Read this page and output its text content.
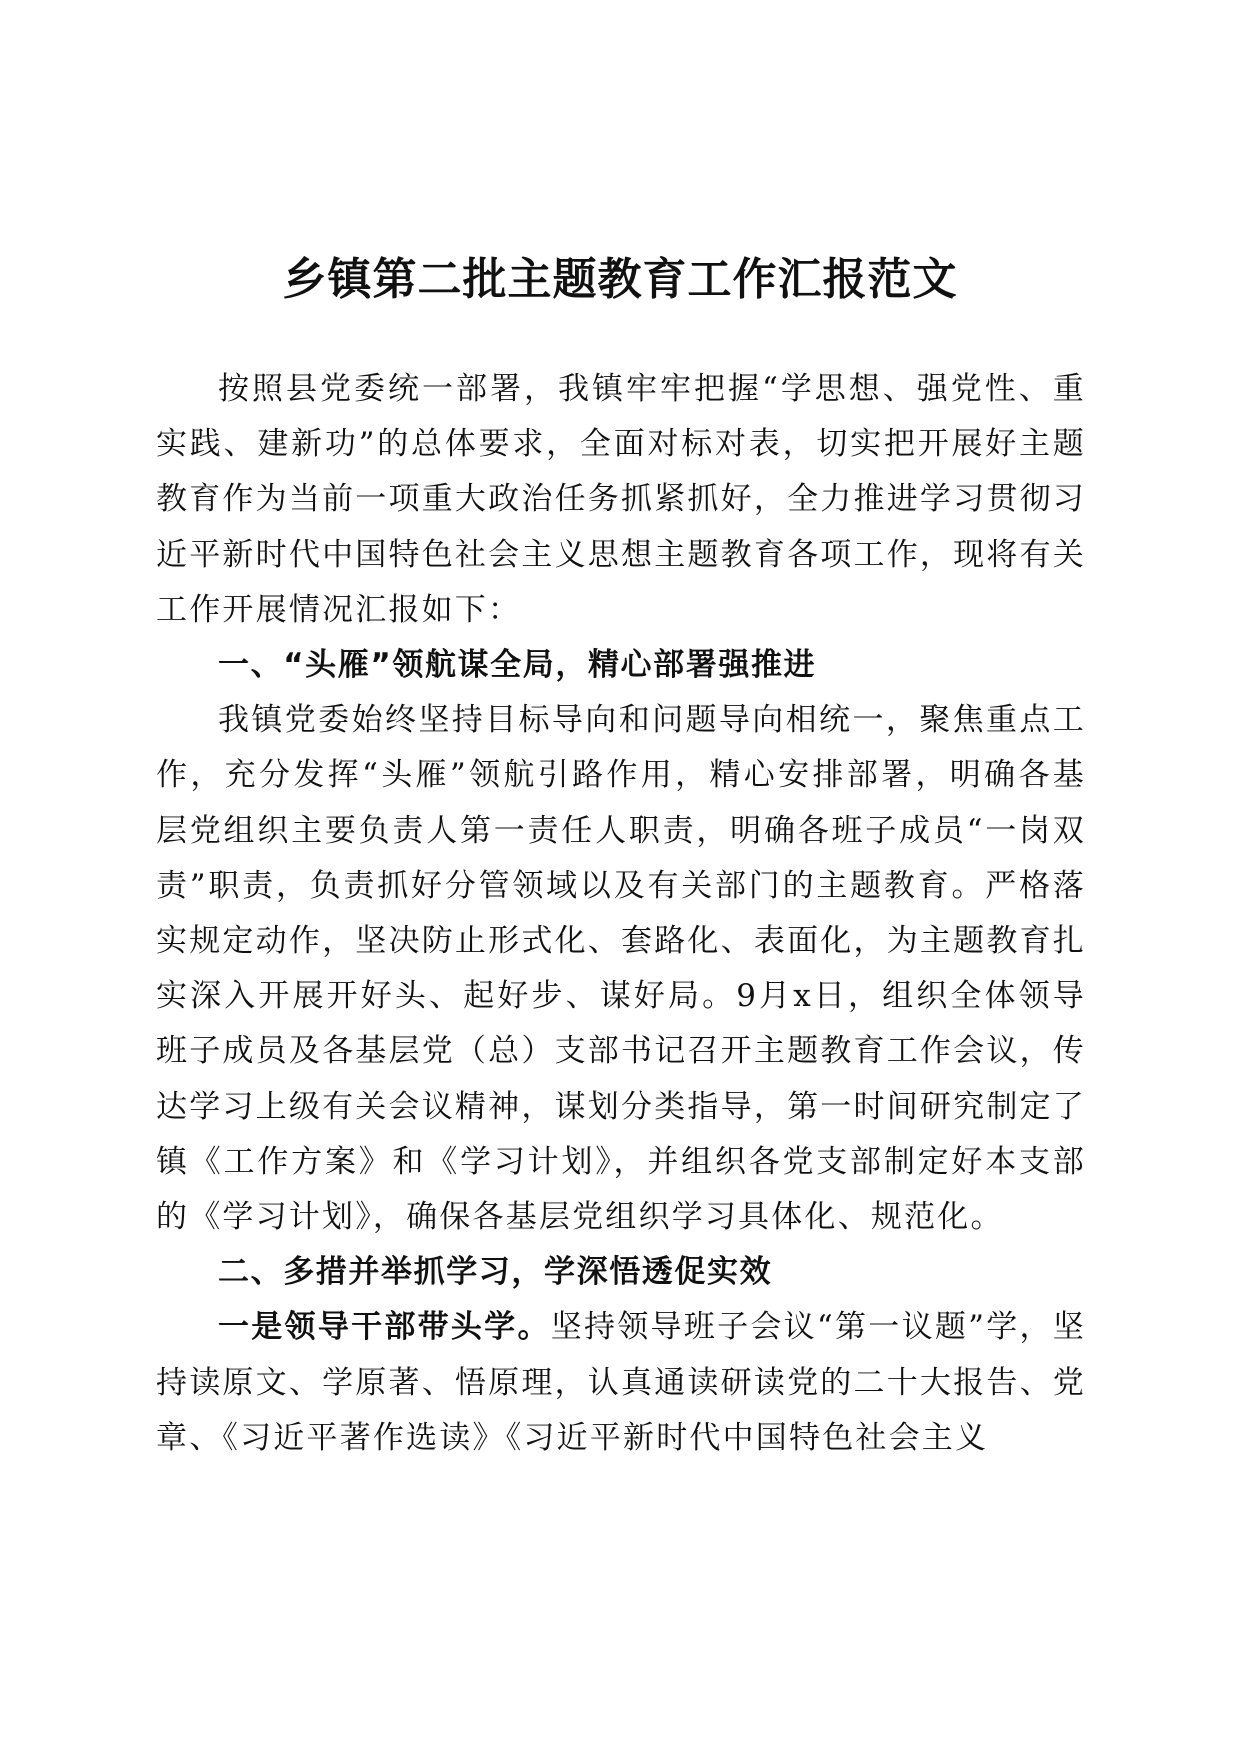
乡镇第二批主题教育工作汇报范文

按照县党委统一部署，我镇牢牢把握“学思想、强党性、重实践、建新功”的总体要求，全面对标对表，切实把开展好主题教育作为当前一项重大政治任务抓紧抓好，全力推进学习贯彻习近平新时代中国特色社会主义思想主题教育各项工作，现将有关工作开展情况汇报如下：

一、“头雁”领航谋全局，精心部署强推进

我镇党委始终坚持目标导向和问题导向相统一，聚焦重点工作，充分发挥“头雁”领航引路作用，精心安排部署，明确各基层党组织主要负责人第一责任人职责，明确各班子成员“一岗双责”职责，负责抓好分管领域以及有关部门的主题教育。严格落实规定动作，坚决防止形式化、套路化、表面化，为主题教育扎实深入开展开好头、起好步、谋好局。9月x日，组织全体领导班子成员及各基层党（总）支部书记召开主题教育工作会议，传达学习上级有关会议精神，谋划分类指导，第一时间研究制定了镇《工作方案》和《学习计划》，并组织各党支部制定好本支部的《学习计划》，确保各基层党组织学习具体化、规范化。

二、多措并举抓学习，学深悟透促实效

一是领导干部带头学。坚持领导班子会议“第一议题”学，坚持读原文、学原著、悟原理，认真通读研读党的二十大报告、党章、《习近平著作选读》《习近平新时代中国特色社会主义
